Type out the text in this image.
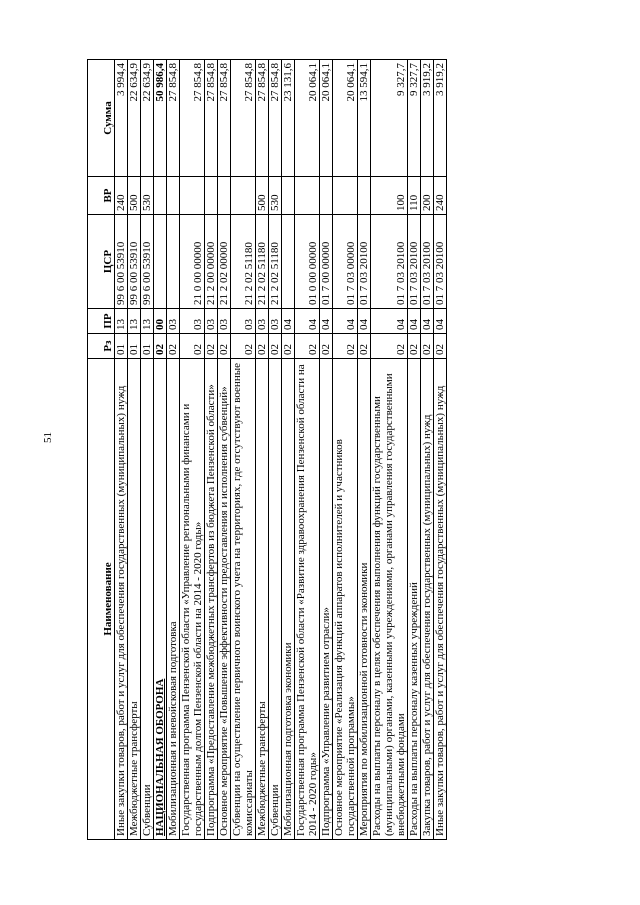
51
Наименование	Рз	ПР	ЦСР	ВР	Сумма
Иные закупки товаров, работ и услуг для обеспечения государственных (муниципальных) нужд	01	13	99 6 00 53910	240	3 994,4
Межбюджетные трансферты	01	13	99 6 00 53910	500	22 634,9
Субвенции	01	13	99 6 00 53910	530	22 634,9
НАЦИОНАЛЬНАЯ ОБОРОНА	02	00			50 986,4
Мобилизационная и вневойсковая подготовка	02	03			27 854,8
Государственная программа Пензенской области «Управление региональными финансами и государственным долгом Пензенской области на 2014 - 2020 годы»	02	03	21 0 00 00000		27 854,8
Подпрограмма «Предоставление межбюджетных трансфертов из бюджета Пензенской области»	02	03	21 2 00 00000		27 854,8
Основное мероприятие «Повышение эффективности предоставления и исполнения субвенций»	02	03	21 2 02 00000		27 854,8
Субвенции на осуществление первичного воинского учета на территориях, где отсутствуют военные комиссариаты	02	03	21 2 02 51180		27 854,8
Межбюджетные трансферты	02	03	21 2 02 51180	500	27 854,8
Субвенции	02	03	21 2 02 51180	530	27 854,8
Мобилизационная подготовка экономики	02	04			23 131,6
Государственная программа Пензенской области «Развитие здравоохранения Пензенской области на 2014 - 2020 годы»	02	04	01 0 00 00000		20 064,1
Подпрограмма «Управление развитием отрасли»	02	04	01 7 00 00000		20 064,1
Основное мероприятие «Реализация функций аппаратов исполнителей и участников государственной программы»	02	04	01 7 03 00000		20 064,1
Мероприятия по мобилизационной готовности экономики	02	04	01 7 03 20100		13 594,1
Расходы на выплаты персоналу в целях обеспечения выполнения функций государственными (муниципальными) органами, казенными учреждениями, органами управления государственными внебюджетными фондами	02	04	01 7 03 20100	100	9 327,7
Расходы на выплаты персоналу казенных учреждений	02	04	01 7 03 20100	110	9 327,7
Закупка товаров, работ и услуг для обеспечения государственных (муниципальных) нужд	02	04	01 7 03 20100	200	3 919,2
Иные закупки товаров, работ и услуг для обеспечения государственных (муниципальных) нужд	02	04	01 7 03 20100	240	3 919,2
